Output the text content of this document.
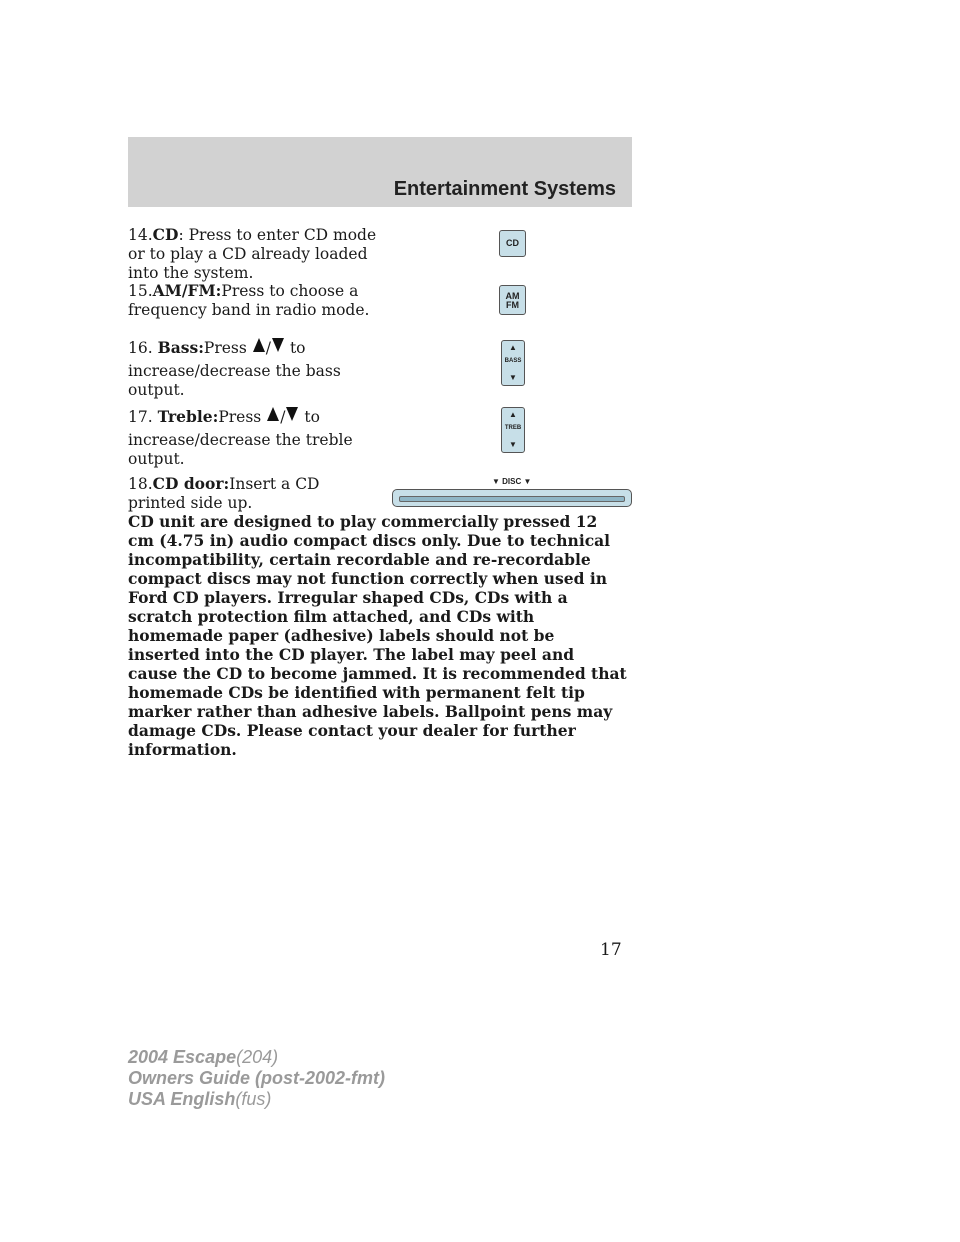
Entertainment Systems

14.CD: Press to enter CD mode or to play a CD already loaded into the system.

CD

15.AM/FM:Press to choose a frequency band in radio mode.

AM
FM

16. Bass:Press / to
increase/decrease the bass output.

▲
BASS
▼

17. Treble:Press / to
increase/decrease the treble output.

▲
TREB
▼

18.CD door:Insert a CD printed side up.

▼ DISC ▼

CD unit are designed to play commercially pressed 12 cm (4.75 in) audio compact discs only. Due to technical incompatibility, certain recordable and re-recordable compact discs may not function correctly when used in Ford CD players. Irregular shaped CDs, CDs with a scratch protection film attached, and CDs with homemade paper (adhesive) labels should not be inserted into the CD player. The label may peel and cause the CD to become jammed. It is recommended that homemade CDs be identified with permanent felt tip marker rather than adhesive labels. Ballpoint pens may damage CDs. Please contact your dealer for further information.

17
2004 Escape(204)
Owners Guide (post-2002-fmt)
USA English(fus)
